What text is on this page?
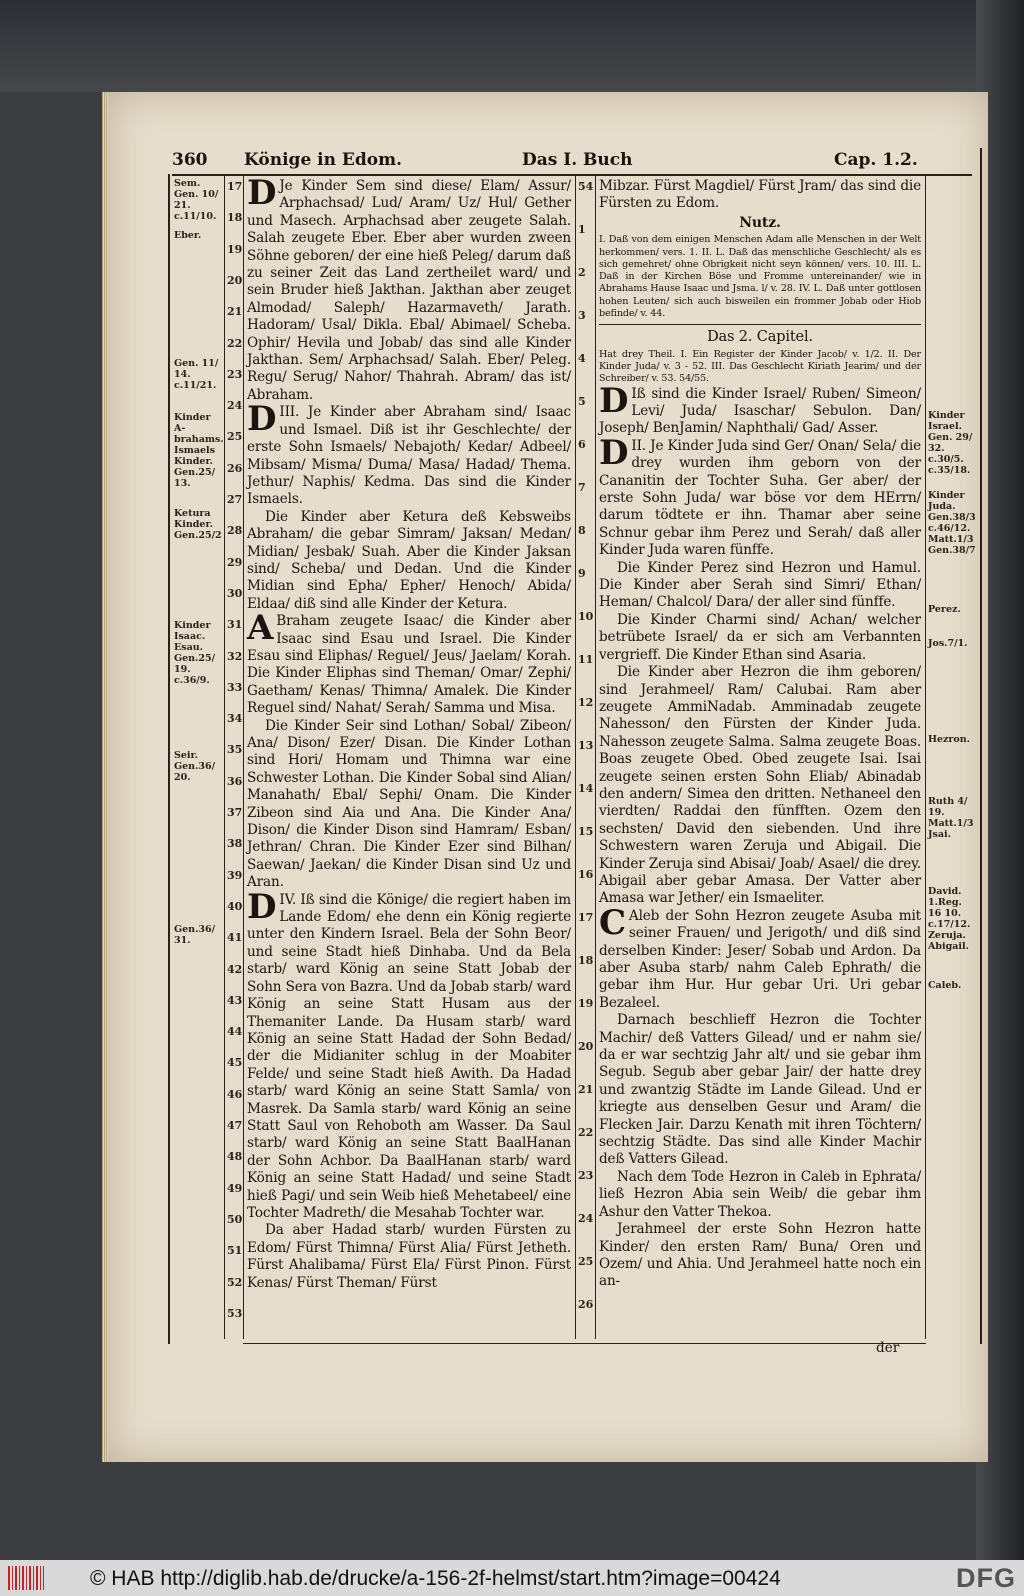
360 Könige in Edom.	Das I. Buch	Cap. 1.2.
Sem. Gen. 10/ 21. c.11/10.
Eber.
Gen. 11/ 14. c.11/21.
Kinder A- brahams. Ismaels Kinder. Gen.25/ 13.
Ketura Kinder. Gen.25/2
Kinder Isaac. Esau. Gen.25/ 19. c.36/9.
Seir. Gen.36/ 20.
Gen.36/ 31.
Kinder Israel. Gen. 29/ 32. c.30/5. c.35/18.
Kinder Juda. Gen.38/3 c.46/12. Matt.1/3 Gen.38/7
Perez.
Jos.7/1.
Hezron.
Ruth 4/ 19. Matt.1/3 Jsai.
David. 1.Reg. 16 10. c.17/12. Zeruja. Abigail.
Caleb.
17
18
19
20
21
22
23
24
25
26
27
28
29
30
31
32
33
34
35
36
37
38
39
40
41
42
43
44
45
46
47
48
49
50
51
52
53
54
1
2
3
4
5
6
7
8
9
10
11
12
13
14
15
16
17
18
19
20
21
22
23
24
25
26

D Je Kinder Sem sind diese/ Elam/ Assur/ Arphachsad/ Lud/ Aram/ Uz/ Hul/ Gether und Masech. Arphachsad aber zeugete Salah. Salah zeugete Eber. Eber aber wurden zween Söhne geboren/ der eine hieß Peleg/ darum daß zu seiner Zeit das Land zertheilet ward/ und sein Bruder hieß Jakthan. Jakthan aber zeuget Almodad/ Saleph/ Hazarmaveth/ Jarath. Hadoram/ Usal/ Dikla. Ebal/ Abimael/ Scheba. Ophir/ Hevila und Jobab/ das sind alle Kinder Jakthan. Sem/ Arphachsad/ Salah. Eber/ Peleg. Regu/ Serug/ Nahor/ Thahrah. Abram/ das ist/ Abraham.

III.
D Je Kinder aber Abraham sind/ Isaac und Ismael. Diß ist ihr Geschlechte/ der erste Sohn Ismaels/ Nebajoth/ Kedar/ Adbeel/ Mibsam/ Misma/ Duma/ Masa/ Hadad/ Thema. Jethur/ Naphis/ Kedma. Das sind die Kinder Ismaels.

Die Kinder aber Ketura deß Kebsweibs Abraham/ die gebar Simram/ Jaksan/ Medan/ Midian/ Jesbak/ Suah. Aber die Kinder Jaksan sind/ Scheba/ und Dedan. Und die Kinder Midian sind Epha/ Epher/ Henoch/ Abida/ Eldaa/ diß sind alle Kinder der Ketura.

A Braham zeugete Isaac/ die Kinder aber Isaac sind Esau und Israel. Die Kinder Esau sind Eliphas/ Reguel/ Jeus/ Jaelam/ Korah. Die Kinder Eliphas sind Theman/ Omar/ Zephi/ Gaetham/ Kenas/ Thimna/ Amalek. Die Kinder Reguel sind/ Nahat/ Serah/ Samma und Misa.

Die Kinder Seir sind Lothan/ Sobal/ Zibeon/ Ana/ Dison/ Ezer/ Disan. Die Kinder Lothan sind Hori/ Homam und Thimna war eine Schwester Lothan. Die Kinder Sobal sind Alian/ Manahath/ Ebal/ Sephi/ Onam. Die Kinder Zibeon sind Aia und Ana. Die Kinder Ana/ Dison/ die Kinder Dison sind Hamram/ Esban/ Jethran/ Chran. Die Kinder Ezer sind Bilhan/ Saewan/ Jaekan/ die Kinder Disan sind Uz und Aran.

IV.
D Iß sind die Könige/ die regiert haben im Lande Edom/ ehe denn ein König regierte unter den Kindern Israel. Bela der Sohn Beor/ und seine Stadt hieß Dinhaba. Und da Bela starb/ ward König an seine Statt Jobab der Sohn Sera von Bazra. Und da Jobab starb/ ward König an seine Statt Husam aus der Themaniter Lande. Da Husam starb/ ward König an seine Statt Hadad der Sohn Bedad/ der die Midianiter schlug in der Moabiter Felde/ und seine Stadt hieß Awith. Da Hadad starb/ ward König an seine Statt Samla/ von Masrek. Da Samla starb/ ward König an seine Statt Saul von Rehoboth am Wasser. Da Saul starb/ ward König an seine Statt BaalHanan der Sohn Achbor. Da BaalHanan starb/ ward König an seine Statt Hadad/ und seine Stadt hieß Pagi/ und sein Weib hieß Mehetabeel/ eine Tochter Madreth/ die Mesahab Tochter war.

Da aber Hadad starb/ wurden Fürsten zu Edom/ Fürst Thimna/ Fürst Alia/ Fürst Jetheth. Fürst Ahalibama/ Fürst Ela/ Fürst Pinon. Fürst Kenas/ Fürst Theman/ Fürst

Mibzar. Fürst Magdiel/ Fürst Jram/ das sind die Fürsten zu Edom.

Nutz.

I. Daß von dem einigen Menschen Adam alle Menschen in der Welt herkommen/ vers. 1. II. L. Daß das menschliche Geschlecht/ als es sich gemehret/ ohne Obrigkeit nicht seyn können/ vers. 10. III. L. Daß in der Kirchen Böse und Fromme untereinander/ wie in Abrahams Hause Isaac und Jsma. l/ v. 28. IV. L. Daß unter gottlosen hohen Leuten/ sich auch bisweilen ein frommer Jobab oder Hiob befinde/ v. 44.

Das 2. Capitel.

Hat drey Theil. I. Ein Register der Kinder Jacob/ v. 1/2. II. Der Kinder Juda/ v. 3 - 52. III. Das Geschlecht Kiriath Jearim/ und der Schreiber/ v. 53. 54/55.

D Iß sind die Kinder Israel/ Ruben/ Simeon/ Levi/ Juda/ Isaschar/ Sebulon. Dan/ Joseph/ BenJamin/ Naphthali/ Gad/ Asser.

II.
D Je Kinder Juda sind Ger/ Onan/ Sela/ die drey wurden ihm geborn von der Cananitin der Tochter Suha. Ger aber/ der erste Sohn Juda/ war böse vor dem HErrn/ darum tödtete er ihn. Thamar aber seine Schnur gebar ihm Perez und Serah/ daß aller Kinder Juda waren fünffe.

Die Kinder Perez sind Hezron und Hamul. Die Kinder aber Serah sind Simri/ Ethan/ Heman/ Chalcol/ Dara/ der aller sind fünffe.

Die Kinder Charmi sind/ Achan/ welcher betrübete Israel/ da er sich am Verbannten vergrieff. Die Kinder Ethan sind Asaria.

Die Kinder aber Hezron die ihm geboren/ sind Jerahmeel/ Ram/ Calubai. Ram aber zeugete AmmiNadab. Amminadab zeugete Nahesson/ den Fürsten der Kinder Juda. Nahesson zeugete Salma. Salma zeugete Boas. Boas zeugete Obed. Obed zeugete Isai. Isai zeugete seinen ersten Sohn Eliab/ Abinadab den andern/ Simea den dritten. Nethaneel den vierdten/ Raddai den fünfften. Ozem den sechsten/ David den siebenden. Und ihre Schwestern waren Zeruja und Abigail. Die Kinder Zeruja sind Abisai/ Joab/ Asael/ die drey. Abigail aber gebar Amasa. Der Vatter aber Amasa war Jether/ ein Ismaeliter.

C Aleb der Sohn Hezron zeugete Asuba mit seiner Frauen/ und Jerigoth/ und diß sind derselben Kinder: Jeser/ Sobab und Ardon. Da aber Asuba starb/ nahm Caleb Ephrath/ die gebar ihm Hur. Hur gebar Uri. Uri gebar Bezaleel.

Darnach beschlieff Hezron die Tochter Machir/ deß Vatters Gilead/ und er nahm sie/ da er war sechtzig Jahr alt/ und sie gebar ihm Segub. Segub aber gebar Jair/ der hatte drey und zwantzig Städte im Lande Gilead. Und er kriegte aus denselben Gesur und Aram/ die Flecken Jair. Darzu Kenath mit ihren Töchtern/ sechtzig Städte. Das sind alle Kinder Machir deß Vatters Gilead.

Nach dem Tode Hezron in Caleb in Ephrata/ ließ Hezron Abia sein Weib/ die gebar ihm Ashur den Vatter Thekoa.

Jerahmeel der erste Sohn Hezron hatte Kinder/ den ersten Ram/ Buna/ Oren und Ozem/ und Ahia. Und Jerahmeel hatte noch ein an-

der
© HAB http://diglib.hab.de/drucke/a-156-2f-helmst/start.htm?image=00424	DFG
